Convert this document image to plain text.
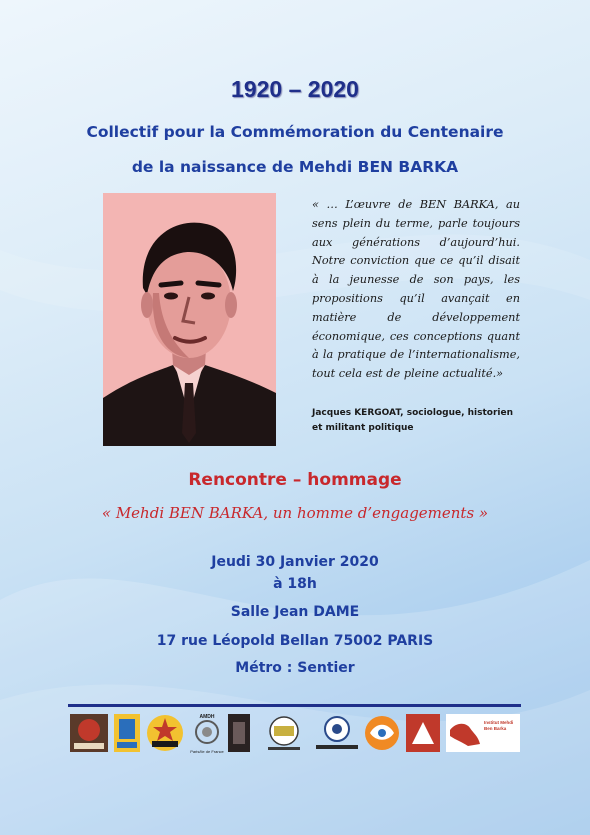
1920 – 2020
Collectif pour la Commémoration du Centenaire
de la naissance de Mehdi BEN BARKA
« … L’œuvre de BEN BARKA, au sens plein du terme, parle toujours aux générations d’aujourd’hui. Notre conviction que ce qu’il disait à la jeunesse de son pays, les propositions qu’il avançait en matière de développement économique, ces conceptions quant à la pratique de l’internationalisme, tout cela est de pleine actualité.»
Jacques KERGOAT, sociologue, historien
et militant politique
Rencontre – hommage
« Mehdi BEN BARKA, un homme d’engagements »
Jeudi 30 Janvier 2020
à 18h
Salle Jean DAME
17 rue Léopold Bellan 75002 PARIS
Métro : Sentier
AMDH
Paris/Ile de France
Institut Mehdi Ben Barka
